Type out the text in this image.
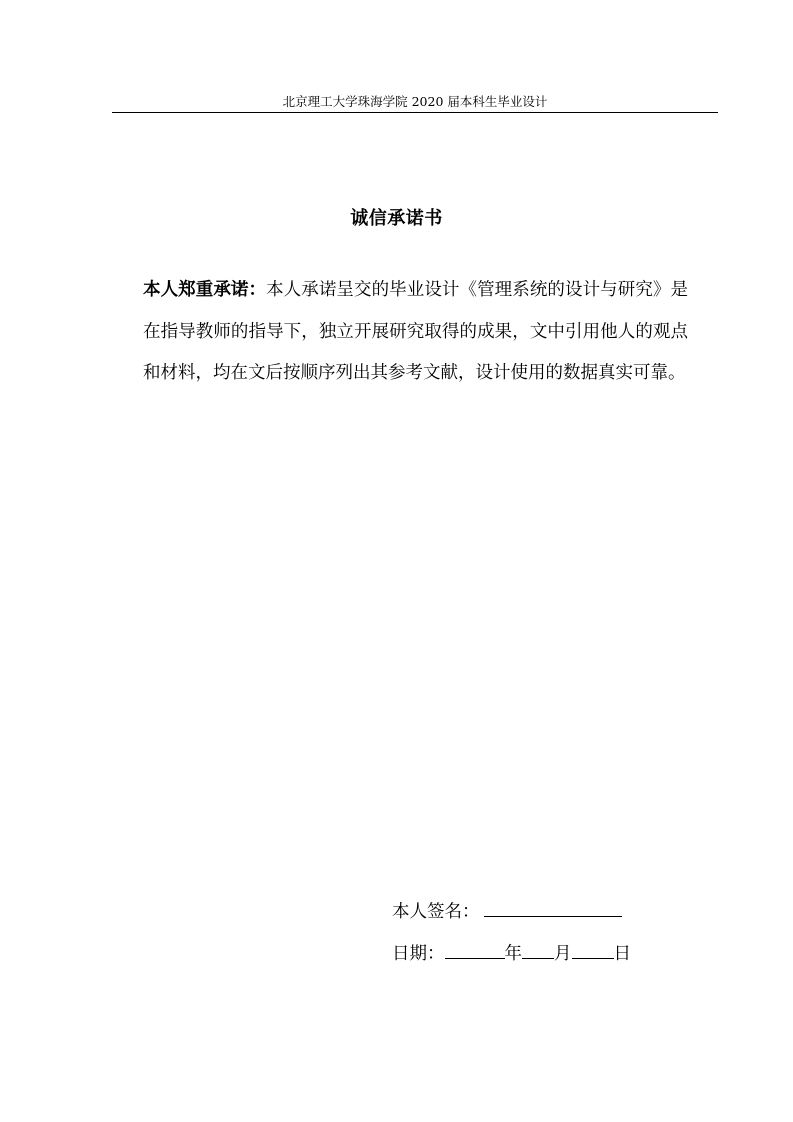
北京理工大学珠海学院 2020 届本科生毕业设计
诚信承诺书

本人郑重承诺：本人承诺呈交的毕业设计《管理系统的设计与研究》是在指导教师的指导下，独立开展研究取得的成果，文中引用他人的观点和材料，均在文后按顺序列出其参考文献，设计使用的数据真实可靠。

本人签名：
日期：	年 月 日
